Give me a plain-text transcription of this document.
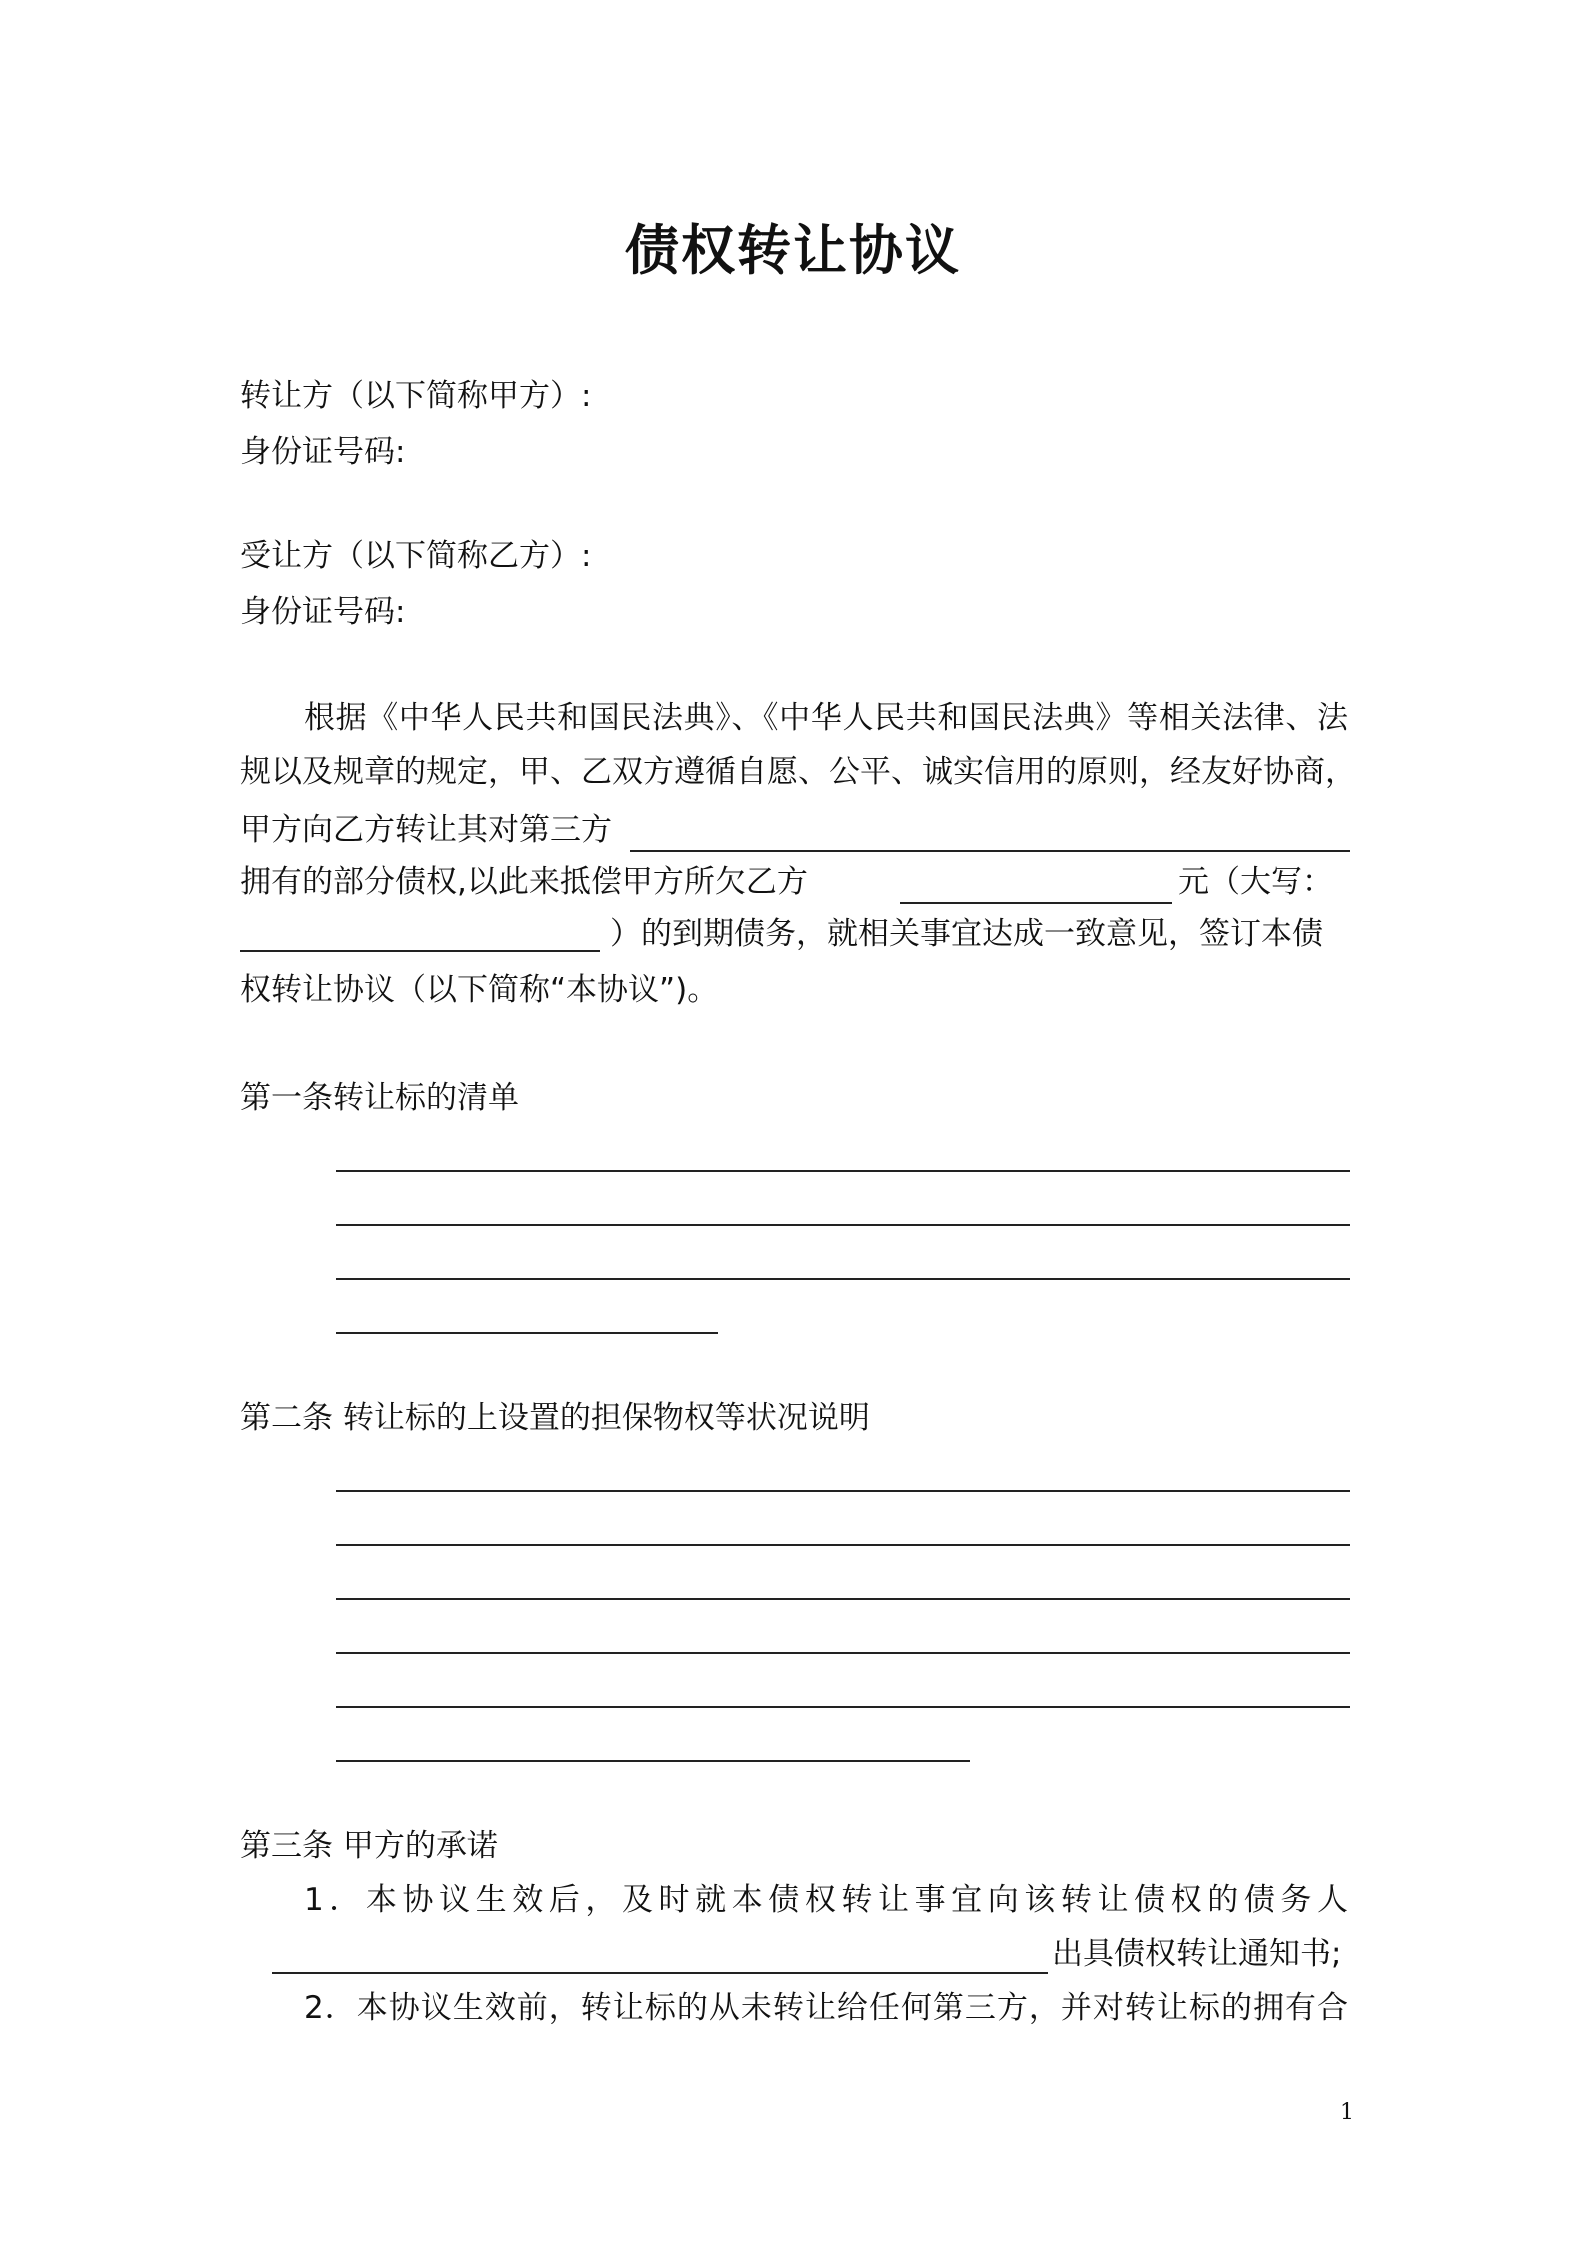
债权转让协议
转让方（以下简称甲方）:
身份证号码:
受让方（以下简称乙方）:
身份证号码:
根据《中华人民共和国民法典》、《中华人民共和国民法典》等相关法律、法
规以及规章的规定，甲、乙双方遵循自愿、公平、诚实信用的原则，经友好协商，
甲方向乙方转让其对第三方
拥有的部分债权,以此来抵偿甲方所欠乙方	元（大写：
）的到期债务，就相关事宜达成一致意见，签订本债
权转让协议（以下简称“本协议”)。
第一条转让标的清单
第二条 转让标的上设置的担保物权等状况说明
第三条 甲方的承诺
1．本协议生效后，及时就本债权转让事宜向该转让债权的债务人
出具债权转让通知书;
2．本协议生效前，转让标的从未转让给任何第三方，并对转让标的拥有合
1
